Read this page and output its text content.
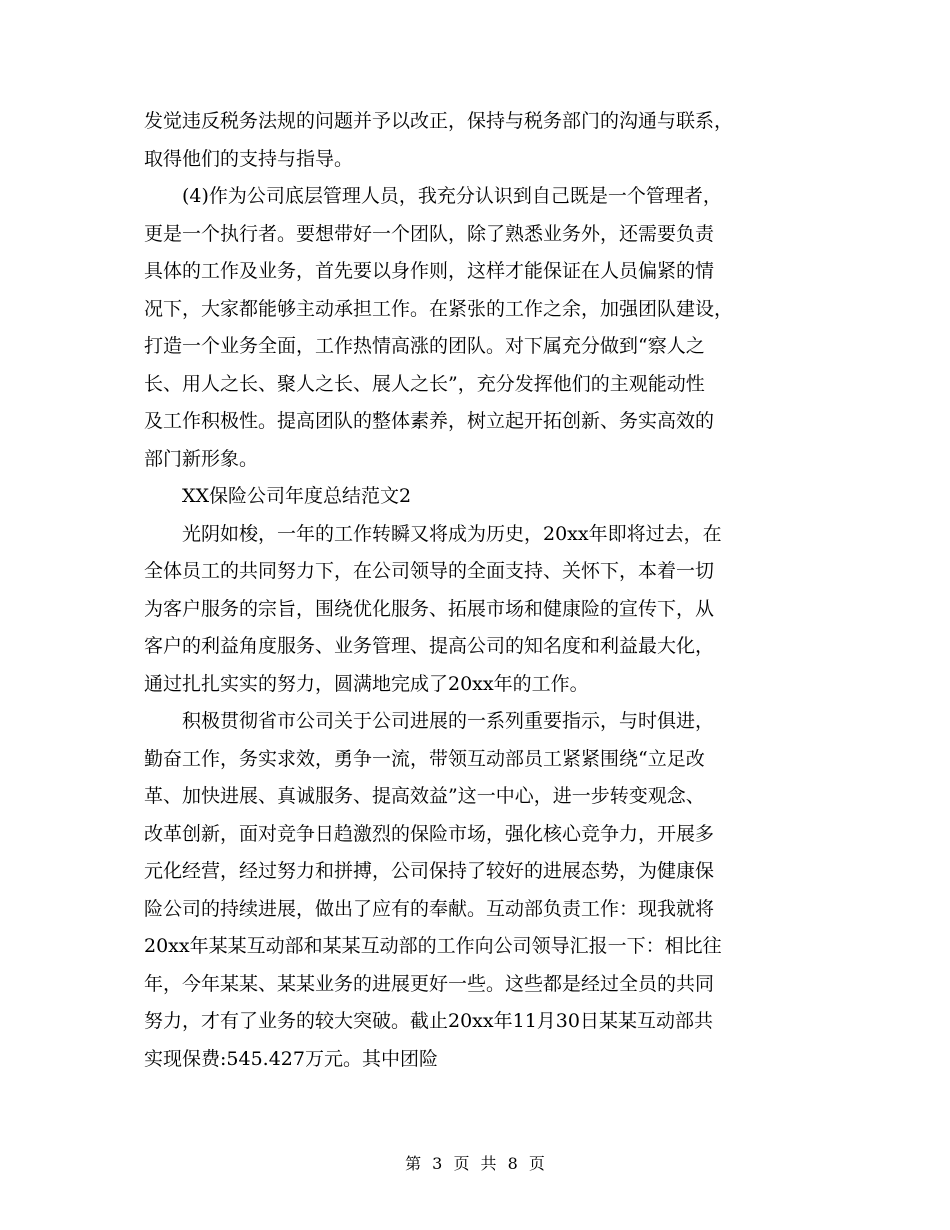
发觉违反税务法规的问题并予以改正，保持与税务部门的沟通与联系，
取得他们的支持与指导。
(4)作为公司底层管理人员，我充分认识到自己既是一个管理者，
更是一个执行者。要想带好一个团队，除了熟悉业务外，还需要负责
具体的工作及业务，首先要以身作则，这样才能保证在人员偏紧的情
况下，大家都能够主动承担工作。在紧张的工作之余，加强团队建设，
打造一个业务全面，工作热情高涨的团队。对下属充分做到“察人之
长、用人之长、聚人之长、展人之长”，充分发挥他们的主观能动性
及工作积极性。提高团队的整体素养，树立起开拓创新、务实高效的
部门新形象。
XX保险公司年度总结范文2
光阴如梭，一年的工作转瞬又将成为历史，20xx年即将过去，在
全体员工的共同努力下，在公司领导的全面支持、关怀下，本着一切
为客户服务的宗旨，围绕优化服务、拓展市场和健康险的宣传下，从
客户的利益角度服务、业务管理、提高公司的知名度和利益最大化，
通过扎扎实实的努力，圆满地完成了20xx年的工作。
积极贯彻省市公司关于公司进展的一系列重要指示，与时俱进，
勤奋工作，务实求效，勇争一流，带领互动部员工紧紧围绕“立足改
革、加快进展、真诚服务、提高效益”这一中心，进一步转变观念、
改革创新，面对竞争日趋激烈的保险市场，强化核心竞争力，开展多
元化经营，经过努力和拼搏，公司保持了较好的进展态势，为健康保
险公司的持续进展，做出了应有的奉献。互动部负责工作：现我就将
20xx年某某互动部和某某互动部的工作向公司领导汇报一下：相比往
年，今年某某、某某业务的进展更好一些。这些都是经过全员的共同
努力，才有了业务的较大突破。截止20xx年11月30日某某互动部共
实现保费:545.427万元。其中团险
第 3 页 共 8 页
